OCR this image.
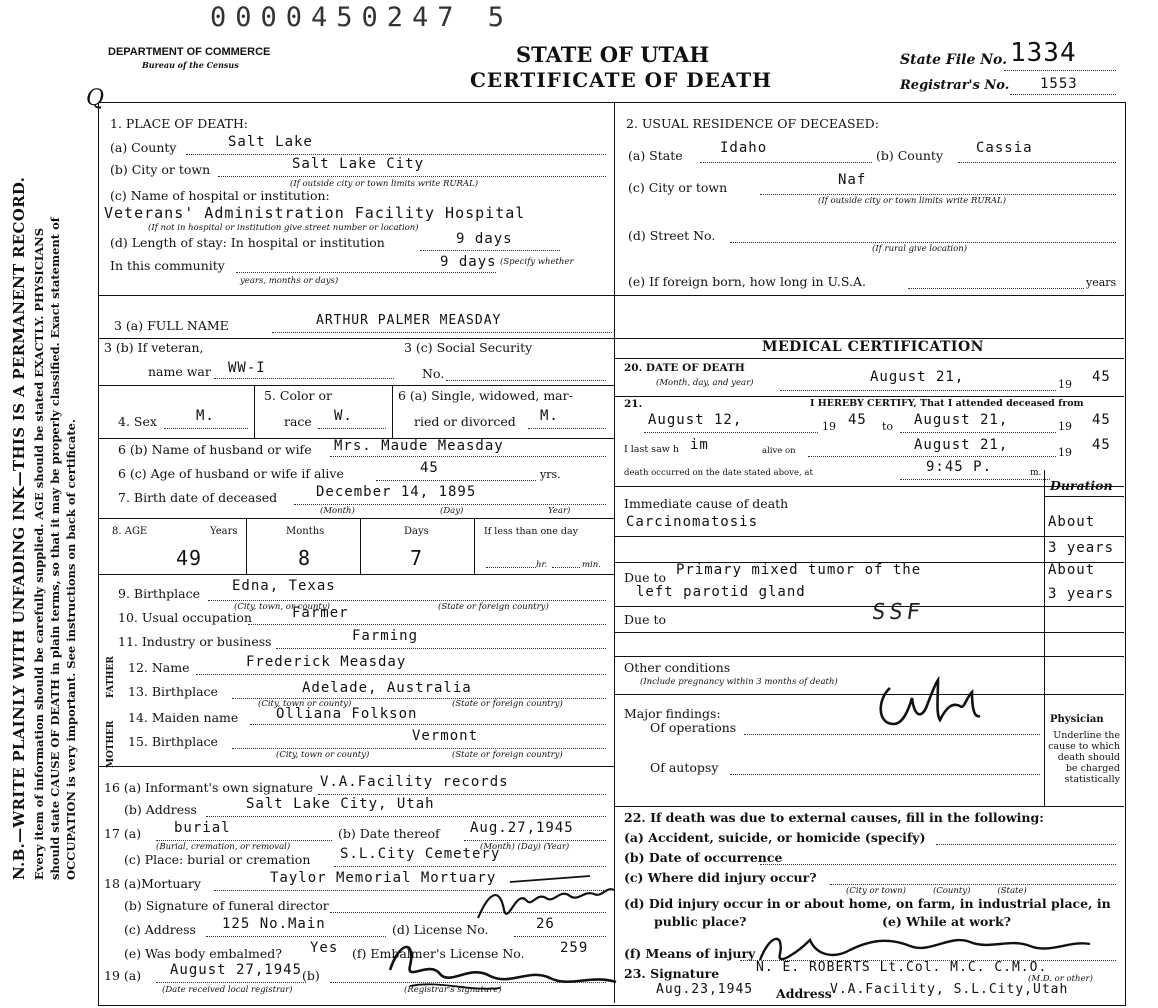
0000450247 5
DEPARTMENT OF COMMERCE
Bureau of the Census	STATE OF UTAH
CERTIFICATE OF DEATH
Q
State File No. 1334
Registrar's No. 1553
N.B.—WRITE PLAINLY WITH UNFADING INK—THIS IS A PERMANENT RECORD. Every item of information should be carefully supplied. AGE should be stated EXACTLY. PHYSICIANS should state CAUSE OF DEATH in plain terms, so that it may be properly classified. Exact statement of OCCUPATION is very important. See instructions on back of certificate.
1. PLACE OF DEATH:
(a) County	Salt Lake
(b) City or town	Salt Lake City
(If outside city or town limits write RURAL)
(c) Name of hospital or institution:
Veterans' Administration Facility Hospital
(If not in hospital or institution give street number or location)
(d) Length of stay: In hospital or institution	9 days
In this community	9 days (Specify whether
years, months or days)
2. USUAL RESIDENCE OF DECEASED:
(a) State	Idaho	(b) County Cassia
(c) City or town	Naf
(If outside city or town limits write RURAL)
(d) Street No.
(If rural give location)
(e) If foreign born, how long in U.S.A.	years
3 (a) FULL NAME	ARTHUR PALMER MEASDAY
3 (b) If veteran,
name war WW-I
3 (c) Social Security
No.
4. Sex	M.
5. Color or
race W.
6 (a) Single, widowed, mar-
ried or divorced M.
6 (b) Name of husband or wife Mrs. Maude Measday
6 (c) Age of husband or wife if alive	45	yrs.
7. Birth date of deceased	December 14, 1895
(Month)	(Day)	Year)
8. AGE	Years	Months	Days	If less than one day
49	8	7	hr.	min.
9. Birthplace Edna, Texas
(City, town, or county)	(State or foreign country)
10. Usual occupation	Farmer
11. Industry or business	Farming
FATHER 12. Name	Frederick Measday
13. Birthplace	Adelade, Australia
(City, town or county)	(State or foreign country)
MOTHER
14. Maiden name	Olliana Folkson
15. Birthplace	Vermont
(City, town or county)	(State or foreign country)
16 (a) Informant's own signature V.A.Facility records
(b) Address	Salt Lake City, Utah
17 (a) burial
(Burial, cremation, or removal)
(b) Date thereof Aug.27,1945
(Month) (Day) (Year)
(c) Place: burial or cremation S.L.City Cemetery
18 (a)Mortuary	Taylor Memorial Mortuary
(b) Signature of funeral director
(c) Address 125 No.Main	(d) License No.	26
(e) Was body embalmed? Yes (f) Embalmer's License No.	259
19 (a) August 27,1945 (b)
(Date received local registrar)	(Registrar's signature)
MEDICAL CERTIFICATION
20. DATE OF DEATH
(Month, day, and year)	August 21,	19 45
21.	I HEREBY CERTIFY, That I attended deceased from
August 12,	19 45 to August 21,	19 45
I last saw h im	alive on	August 21,	19 45
death occurred on the date stated above, at	9:45 P.	m.
Duration
Immediate cause of death
Carcinomatosis	About
3 years
Due to Primary mixed tumor of the
left parotid gland
About
3 years
Due to	SSF
Other conditions
(Include pregnancy within 3 months of death)
Major findings:
Of operations
Of autopsy
Physician
Underline the cause to which death should be charged statistically
22. If death was due to external causes, fill in the following:
(a) Accident, suicide, or homicide (specify)
(b) Date of occurrence
(c) Where did injury occur?
(City or town)          (County)          (State)
(d) Did injury occur in or about home, on farm, in industrial place, in
public place?	(e) While at work?
(f) Means of injury
23. Signature	N. E. ROBERTS Lt.Col. M.C. C.M.O.
(M.D. or other)
Aug.23,1945 Address
V.A.Facility, S.L.City,Utah
